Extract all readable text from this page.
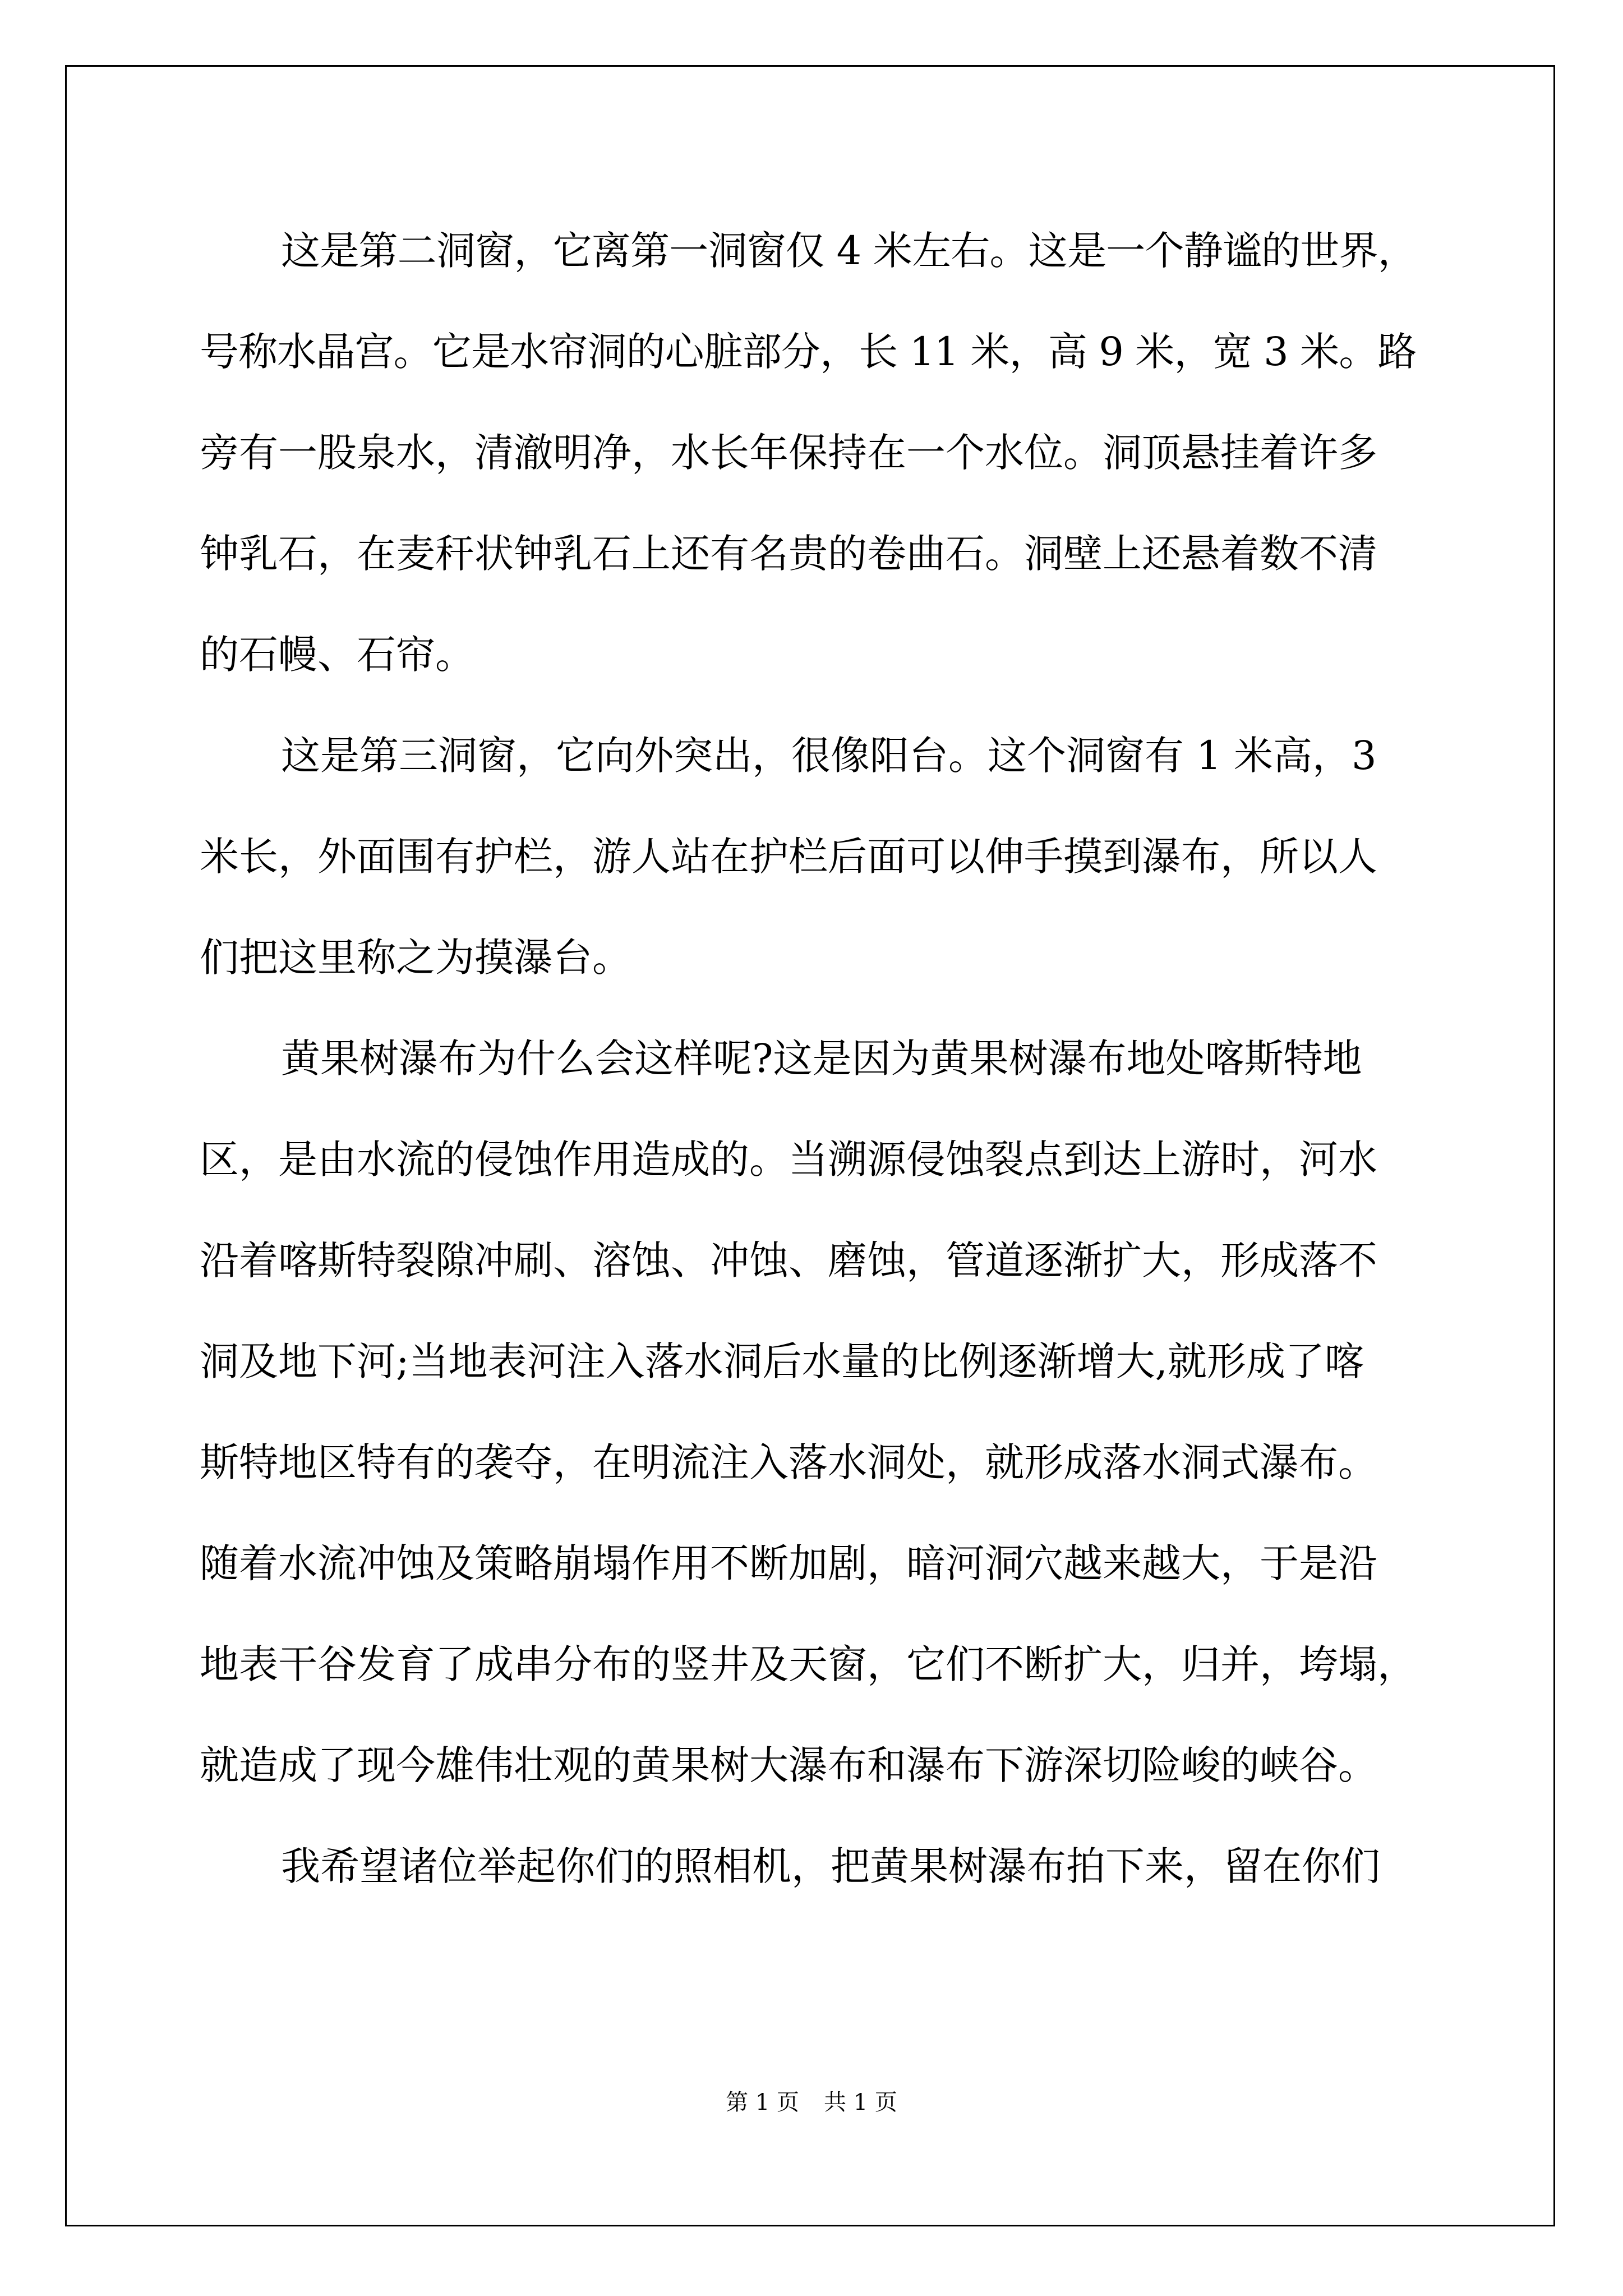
这是第二洞窗，它离第一洞窗仅 4 米左右。这是一个静谧的世界，
号称水晶宫。它是水帘洞的心脏部分，长 11 米，高 9 米，宽 3 米。路
旁有一股泉水，清澈明净，水长年保持在一个水位。洞顶悬挂着许多
钟乳石，在麦秆状钟乳石上还有名贵的卷曲石。洞壁上还悬着数不清
的石幔、石帘。
这是第三洞窗，它向外突出，很像阳台。这个洞窗有 1 米高，3
米长，外面围有护栏，游人站在护栏后面可以伸手摸到瀑布，所以人
们把这里称之为摸瀑台。
黄果树瀑布为什么会这样呢?这是因为黄果树瀑布地处喀斯特地
区，是由水流的侵蚀作用造成的。当溯源侵蚀裂点到达上游时，河水
沿着喀斯特裂隙冲刷、溶蚀、冲蚀、磨蚀，管道逐渐扩大，形成落不
洞及地下河;当地表河注入落水洞后水量的比例逐渐增大,就形成了喀
斯特地区特有的袭夺，在明流注入落水洞处，就形成落水洞式瀑布。
随着水流冲蚀及策略崩塌作用不断加剧，暗河洞穴越来越大，于是沿
地表干谷发育了成串分布的竖井及天窗，它们不断扩大，归并，垮塌，
就造成了现今雄伟壮观的黄果树大瀑布和瀑布下游深切险峻的峡谷。
我希望诸位举起你们的照相机，把黄果树瀑布拍下来，留在你们
第 1 页 共 1 页
